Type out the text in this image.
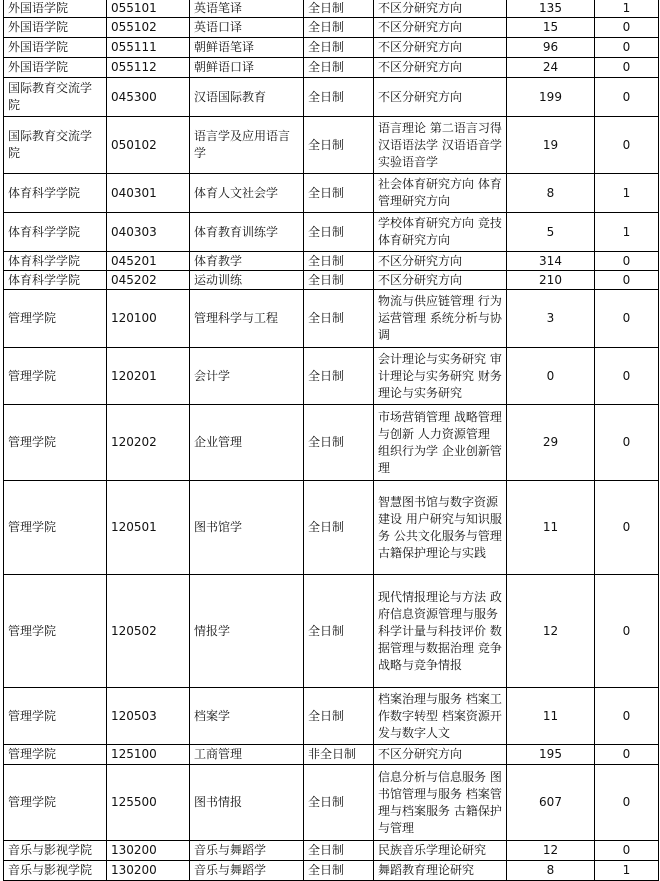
外国语学院	055101	英语笔译	全日制	不区分研究方向	135	1
外国语学院	055102	英语口译	全日制	不区分研究方向	15	0
外国语学院	055111	朝鲜语笔译	全日制	不区分研究方向	96	0
外国语学院	055112	朝鲜语口译	全日制	不区分研究方向	24	0
国际教育交流学院	045300	汉语国际教育	全日制	不区分研究方向	199	0
国际教育交流学院	050102	语言学及应用语言学	全日制	语言理论 第二语言习得 汉语语法学 汉语语音学 实验语音学	19	0
体育科学学院	040301	体育人文社会学	全日制	社会体育研究方向 体育管理研究方向	8	1
体育科学学院	040303	体育教育训练学	全日制	学校体育研究方向 竞技体育研究方向	5	1
体育科学学院	045201	体育教学	全日制	不区分研究方向	314	0
体育科学学院	045202	运动训练	全日制	不区分研究方向	210	0
管理学院	120100	管理科学与工程	全日制	物流与供应链管理 行为运营管理 系统分析与协调	3	0
管理学院	120201	会计学	全日制	会计理论与实务研究 审计理论与实务研究 财务理论与实务研究	0	0
管理学院	120202	企业管理	全日制	市场营销管理 战略管理与创新 人力资源管理 组织行为学 企业创新管理	29	0
管理学院	120501	图书馆学	全日制	智慧图书馆与数字资源建设 用户研究与知识服务 公共文化服务与管理 古籍保护理论与实践	11	0
管理学院	120502	情报学	全日制	现代情报理论与方法 政府信息资源管理与服务 科学计量与科技评价 数据管理与数据治理 竞争战略与竞争情报	12	0
管理学院	120503	档案学	全日制	档案治理与服务 档案工作数字转型 档案资源开发与数字人文	11	0
管理学院	125100	工商管理	非全日制	不区分研究方向	195	0
管理学院	125500	图书情报	全日制	信息分析与信息服务 图书馆管理与服务 档案管理与档案服务 古籍保护与管理	607	0
音乐与影视学院	130200	音乐与舞蹈学	全日制	民族音乐学理论研究	12	0
音乐与影视学院	130200	音乐与舞蹈学	全日制	舞蹈教育理论研究	8	1
